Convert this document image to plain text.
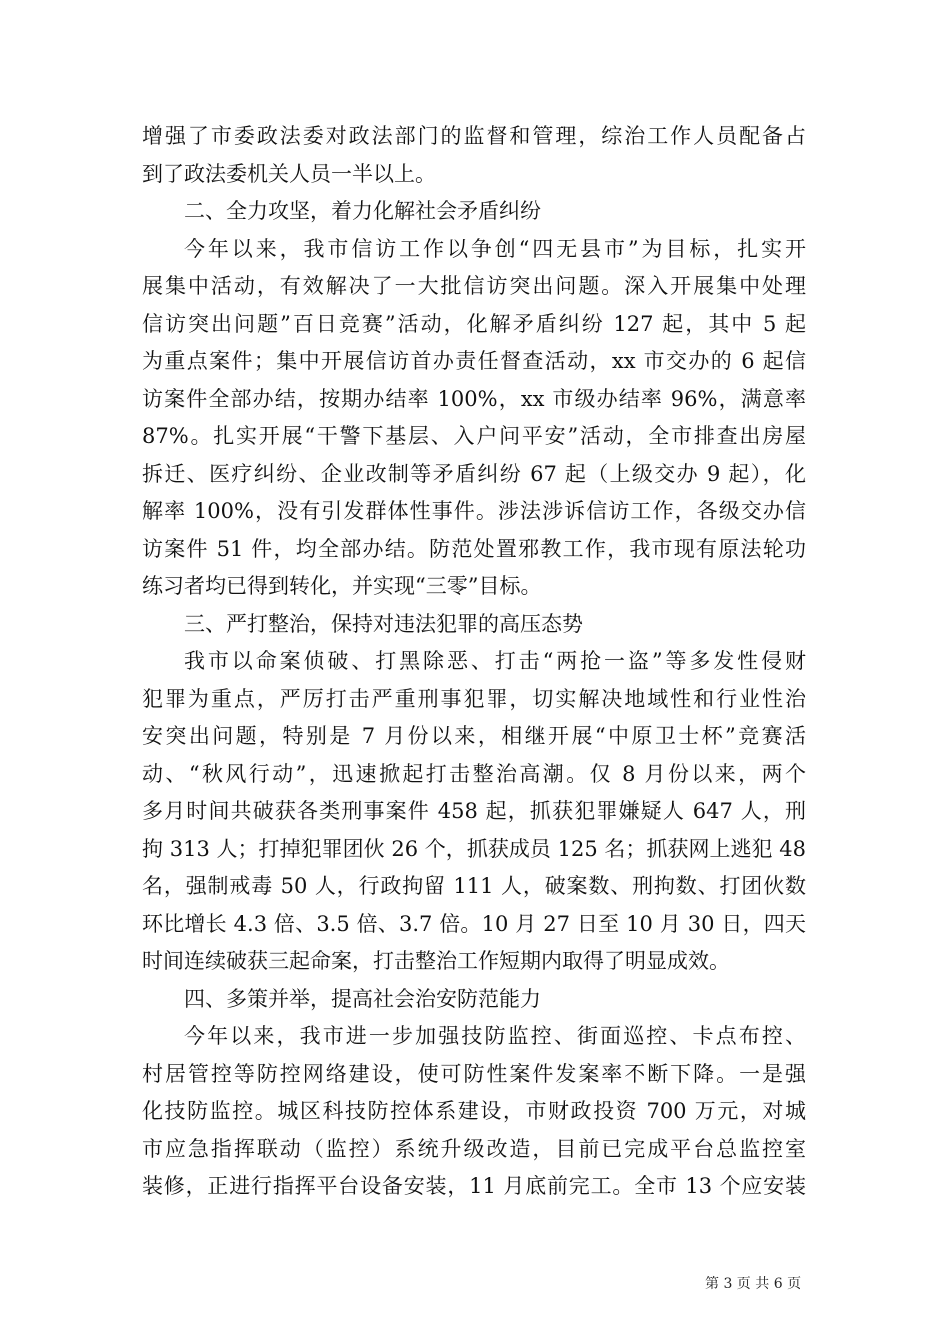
增强了市委政法委对政法部门的监督和管理，综治工作人员配备占
到了政法委机关人员一半以上。
二、全力攻坚，着力化解社会矛盾纠纷
今年以来，我市信访工作以争创“四无县市”为目标，扎实开
展集中活动，有效解决了一大批信访突出问题。深入开展集中处理
信访突出问题”百日竞赛”活动，化解矛盾纠纷 127 起，其中 5 起
为重点案件；集中开展信访首办责任督查活动，xx 市交办的 6 起信
访案件全部办结，按期办结率 100%，xx 市级办结率 96%，满意率
87%。扎实开展“干警下基层、入户问平安”活动，全市排查出房屋
拆迁、医疗纠纷、企业改制等矛盾纠纷 67 起（上级交办 9 起），化
解率 100%，没有引发群体性事件。涉法涉诉信访工作，各级交办信
访案件 51 件，均全部办结。防范处置邪教工作，我市现有原法轮功
练习者均已得到转化，并实现“三零”目标。
三、严打整治，保持对违法犯罪的高压态势
我市以命案侦破、打黑除恶、打击“两抢一盗”等多发性侵财
犯罪为重点，严厉打击严重刑事犯罪，切实解决地域性和行业性治
安突出问题，特别是 7 月份以来，相继开展“中原卫士杯”竞赛活
动、“秋风行动”，迅速掀起打击整治高潮。仅 8 月份以来，两个
多月时间共破获各类刑事案件 458 起，抓获犯罪嫌疑人 647 人，刑
拘 313 人；打掉犯罪团伙 26 个，抓获成员 125 名；抓获网上逃犯 48
名，强制戒毒 50 人，行政拘留 111 人，破案数、刑拘数、打团伙数
环比增长 4.3 倍、3.5 倍、3.7 倍。10 月 27 日至 10 月 30 日，四天
时间连续破获三起命案，打击整治工作短期内取得了明显成效。
四、多策并举，提高社会治安防范能力
今年以来，我市进一步加强技防监控、街面巡控、卡点布控、
村居管控等防控网络建设，使可防性案件发案率不断下降。一是强
化技防监控。城区科技防控体系建设，市财政投资 700 万元，对城
市应急指挥联动（监控）系统升级改造，目前已完成平台总监控室
装修，正进行指挥平台设备安装，11 月底前完工。全市 13 个应安装
第 3 页 共 6 页
